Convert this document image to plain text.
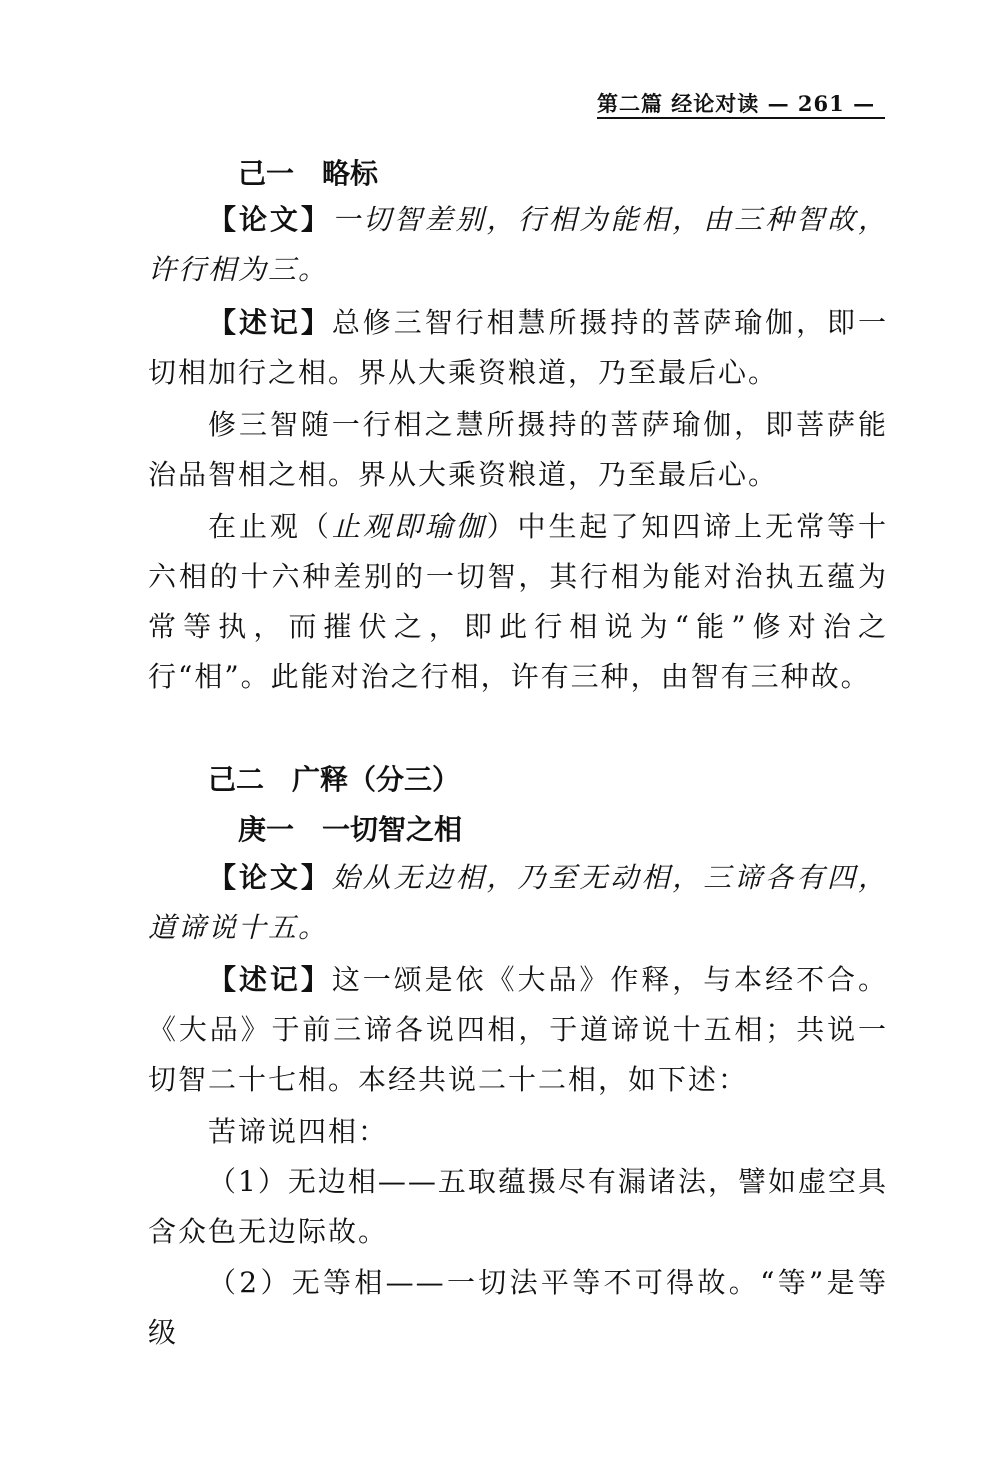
第二篇 经论对读 — 261 —
己一　略标
【论文】一切智差别，行相为能相，由三种智故，许行相为三。
【述记】总修三智行相慧所摄持的菩萨瑜伽，即一切相加行之相。界从大乘资粮道，乃至最后心。
修三智随一行相之慧所摄持的菩萨瑜伽，即菩萨能治品智相之相。界从大乘资粮道，乃至最后心。
在止观（止观即瑜伽）中生起了知四谛上无常等十六相的十六种差别的一切智，其行相为能对治执五蕴为常等执，而摧伏之，即此行相说为“能”修对治之行“相”。此能对治之行相，许有三种，由智有三种故。
己二　广释（分三）
庚一　一切智之相
【论文】始从无边相，乃至无动相，三谛各有四，道谛说十五。
【述记】这一颂是依《大品》作释，与本经不合。《大品》于前三谛各说四相，于道谛说十五相；共说一切智二十七相。本经共说二十二相，如下述：
苦谛说四相：
（1）无边相——五取蕴摄尽有漏诸法，譬如虚空具含众色无边际故。
（2）无等相——一切法平等不可得故。“等”是等级
